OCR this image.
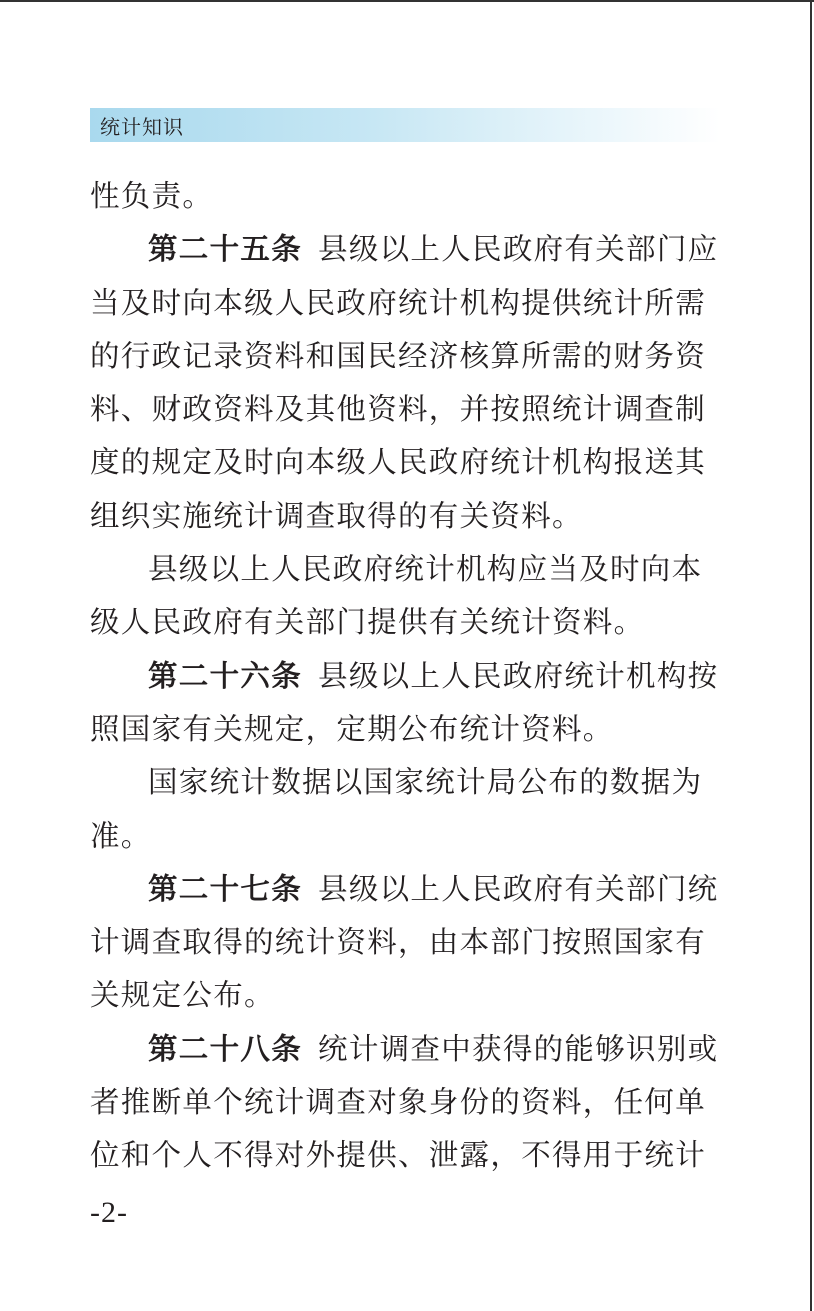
统计知识
性负责。
第二十五条 县级以上人民政府有关部门应
当及时向本级人民政府统计机构提供统计所需
的行政记录资料和国民经济核算所需的财务资
料、财政资料及其他资料，并按照统计调查制
度的规定及时向本级人民政府统计机构报送其
组织实施统计调查取得的有关资料。
县级以上人民政府统计机构应当及时向本
级人民政府有关部门提供有关统计资料。
第二十六条 县级以上人民政府统计机构按
照国家有关规定，定期公布统计资料。
国家统计数据以国家统计局公布的数据为
准。
第二十七条 县级以上人民政府有关部门统
计调查取得的统计资料，由本部门按照国家有
关规定公布。
第二十八条 统计调查中获得的能够识别或
者推断单个统计调查对象身份的资料，任何单
位和个人不得对外提供、泄露，不得用于统计
-2-
